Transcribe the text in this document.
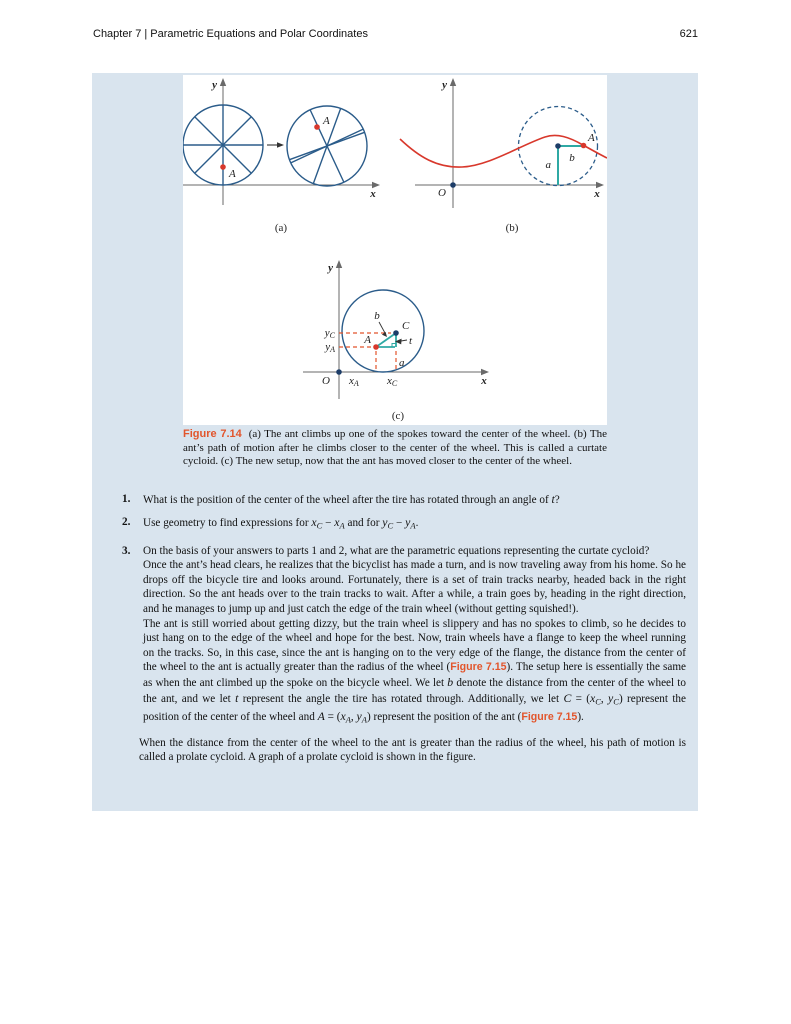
Chapter 7 | Parametric Equations and Polar Coordinates	621
y
x
A
A
(a)
y
x
a
b
A
O
(b)
y
x
C
A
b
t
a
yC
yA
xA	xC
O
(c)
Figure 7.14 (a) The ant climbs up one of the spokes toward the center of the wheel. (b) The ant’s path of motion after he climbs closer to the center of the wheel. This is called a curtate cycloid. (c) The new setup, now that the ant has moved closer to the center of the wheel.
1.	What is the position of the center of the wheel after the tire has rotated through an angle of t?
2.	Use geometry to find expressions for $x_C - x_A$ and for $y_C - y_A$.
3.	On the basis of your answers to parts 1 and 2, what are the parametric equations representing the curtate cycloid?

Once the ant’s head clears, he realizes that the bicyclist has made a turn, and is now traveling away from his home. So he drops off the bicycle tire and looks around. Fortunately, there is a set of train tracks nearby, headed back in the right direction. So the ant heads over to the train tracks to wait. After a while, a train goes by, heading in the right direction, and he manages to jump up and just catch the edge of the train wheel (without getting squished!).

The ant is still worried about getting dizzy, but the train wheel is slippery and has no spokes to climb, so he decides to just hang on to the edge of the wheel and hope for the best. Now, train wheels have a flange to keep the wheel running on the tracks. So, in this case, since the ant is hanging on to the very edge of the flange, the distance from the center of the wheel to the ant is actually greater than the radius of the wheel (Figure 7.15). The setup here is essentially the same as when the ant climbed up the spoke on the bicycle wheel. We let b denote the distance from the center of the wheel to the ant, and we let t represent the angle the tire has rotated through. Additionally, we let $C = (x_C$, $y_C$) represent the position of the center of the wheel and $A = (x_A$, $y_A$) represent the position of the ant (Figure 7.15).

When the distance from the center of the wheel to the ant is greater than the radius of the wheel, his path of motion is called a prolate cycloid. A graph of a prolate cycloid is shown in the figure.
